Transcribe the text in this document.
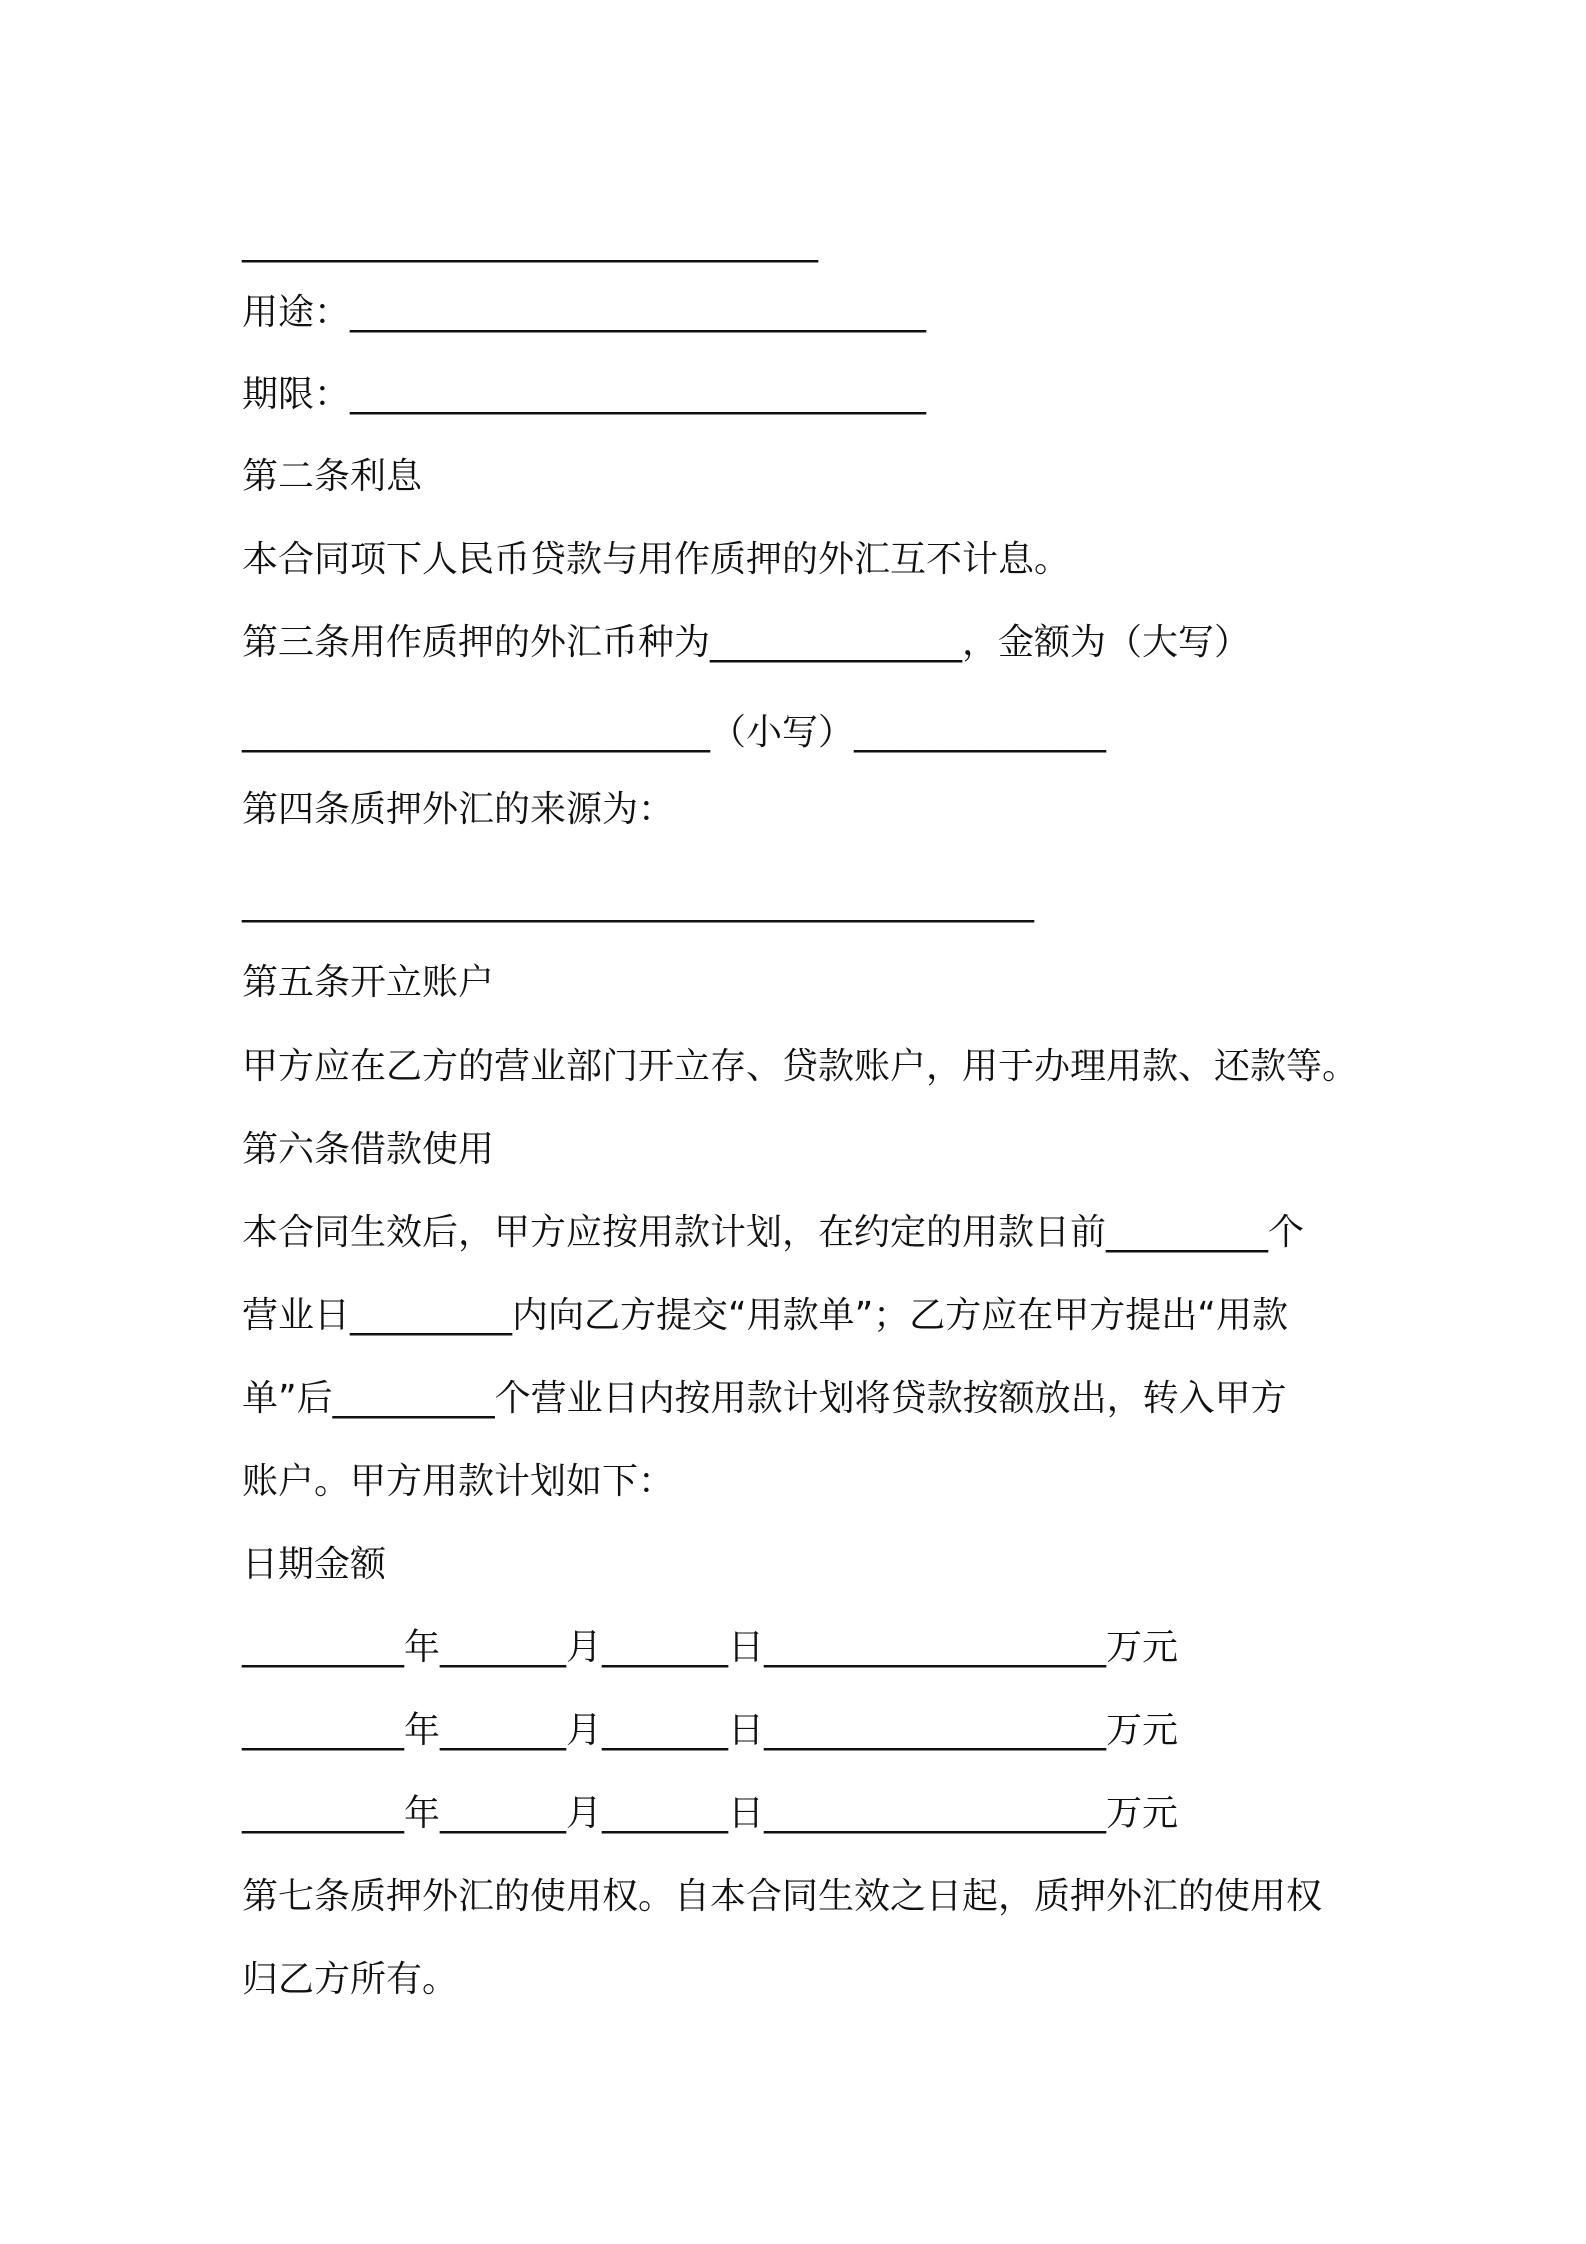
________________________________
用途：________________________________
期限：________________________________
第二条利息
本合同项下人民币贷款与用作质押的外汇互不计息。
第三条用作质押的外汇币种为______________，金额为（大写）
__________________________（小写）______________
第四条质押外汇的来源为：
____________________________________________
第五条开立账户
甲方应在乙方的营业部门开立存、贷款账户，用于办理用款、还款等。
第六条借款使用
本合同生效后，甲方应按用款计划，在约定的用款日前_________个
营业日_________内向乙方提交“用款单”；乙方应在甲方提出“用款
单”后_________个营业日内按用款计划将贷款按额放出，转入甲方
账户。甲方用款计划如下：
日期金额
_________年_______月_______日___________________万元
_________年_______月_______日___________________万元
_________年_______月_______日___________________万元
第七条质押外汇的使用权。自本合同生效之日起，质押外汇的使用权
归乙方所有。
